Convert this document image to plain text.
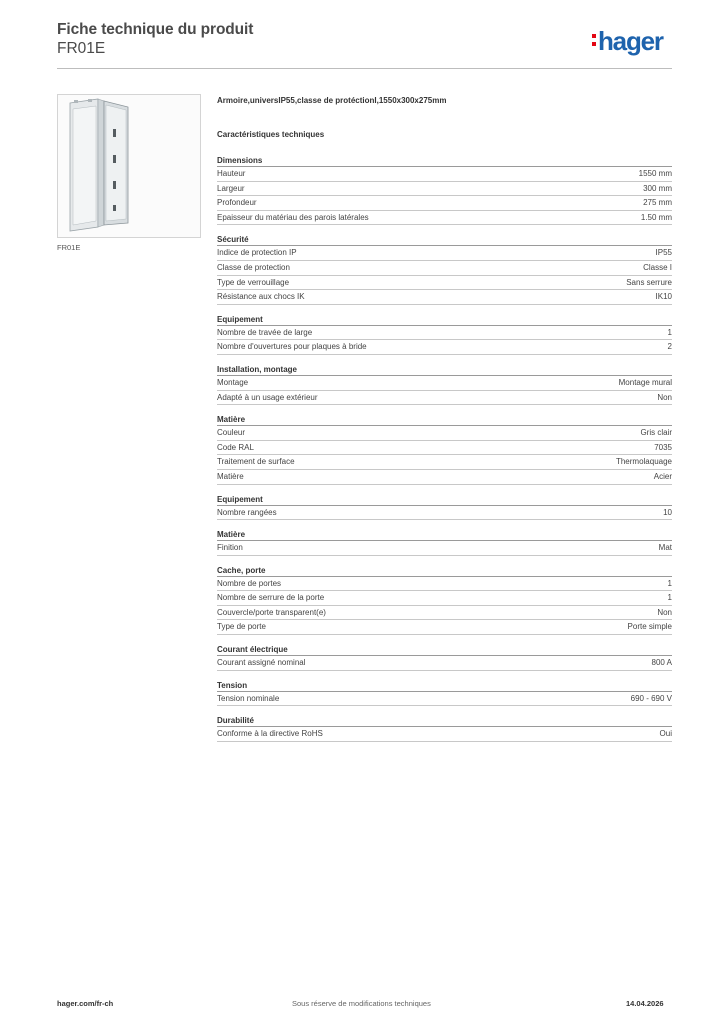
Fiche technique du produit
FR01E	hager
FR01E
Armoire,universIP55,classe de protéctionI,1550x300x275mm
Caractéristiques techniques
Dimensions
Hauteur	1550 mm
Largeur	300 mm
Profondeur	275 mm
Epaisseur du matériau des parois latérales	1.50 mm
Sécurité
Indice de protection IP	IP55
Classe de protection	Classe I
Type de verrouillage	Sans serrure
Résistance aux chocs IK	IK10
Equipement
Nombre de travée de large	1
Nombre d'ouvertures pour plaques à bride	2
Installation, montage
Montage	Montage mural
Adapté à un usage extérieur	Non
Matière
Couleur	Gris clair
Code RAL	7035
Traitement de surface	Thermolaquage
Matière	Acier
Equipement
Nombre rangées	10
Matière
Finition	Mat
Cache, porte
Nombre de portes	1
Nombre de serrure de la porte	1
Couvercle/porte transparent(e)	Non
Type de porte	Porte simple
Courant électrique
Courant assigné nominal	800 A
Tension
Tension nominale	690 - 690 V
Durabilité
Conforme à la directive RoHS	Oui
hager.com/fr-ch	Sous réserve de modifications techniques	14.04.2026
